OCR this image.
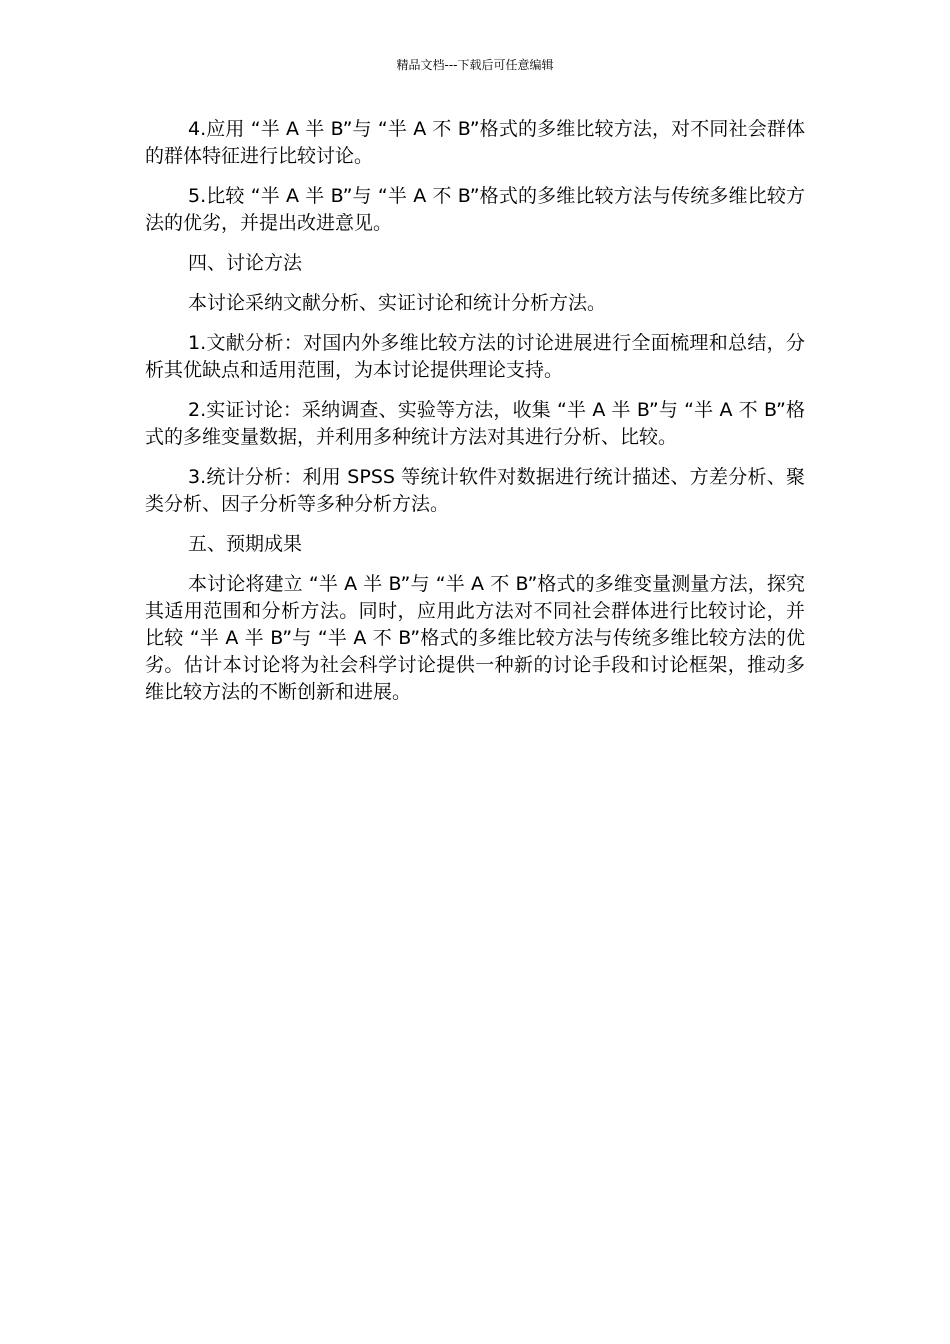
精品文档---下载后可任意编辑

4.应用 “半 A 半 B”与 “半 A 不 B”格式的多维比较方法，对不同社会群体的群体特征进行比较讨论。

5.比较 “半 A 半 B”与 “半 A 不 B”格式的多维比较方法与传统多维比较方法的优劣，并提出改进意见。

四、讨论方法

本讨论采纳文献分析、实证讨论和统计分析方法。

1.文献分析：对国内外多维比较方法的讨论进展进行全面梳理和总结，分析其优缺点和适用范围，为本讨论提供理论支持。

2.实证讨论：采纳调查、实验等方法，收集 “半 A 半 B”与 “半 A 不 B”格式的多维变量数据，并利用多种统计方法对其进行分析、比较。

3.统计分析：利用 SPSS 等统计软件对数据进行统计描述、方差分析、聚类分析、因子分析等多种分析方法。

五、预期成果

本讨论将建立 “半 A 半 B”与 “半 A 不 B”格式的多维变量测量方法，探究其适用范围和分析方法。同时，应用此方法对不同社会群体进行比较讨论，并比较 “半 A 半 B”与 “半 A 不 B”格式的多维比较方法与传统多维比较方法的优劣。估计本讨论将为社会科学讨论提供一种新的讨论手段和讨论框架，推动多维比较方法的不断创新和进展。
